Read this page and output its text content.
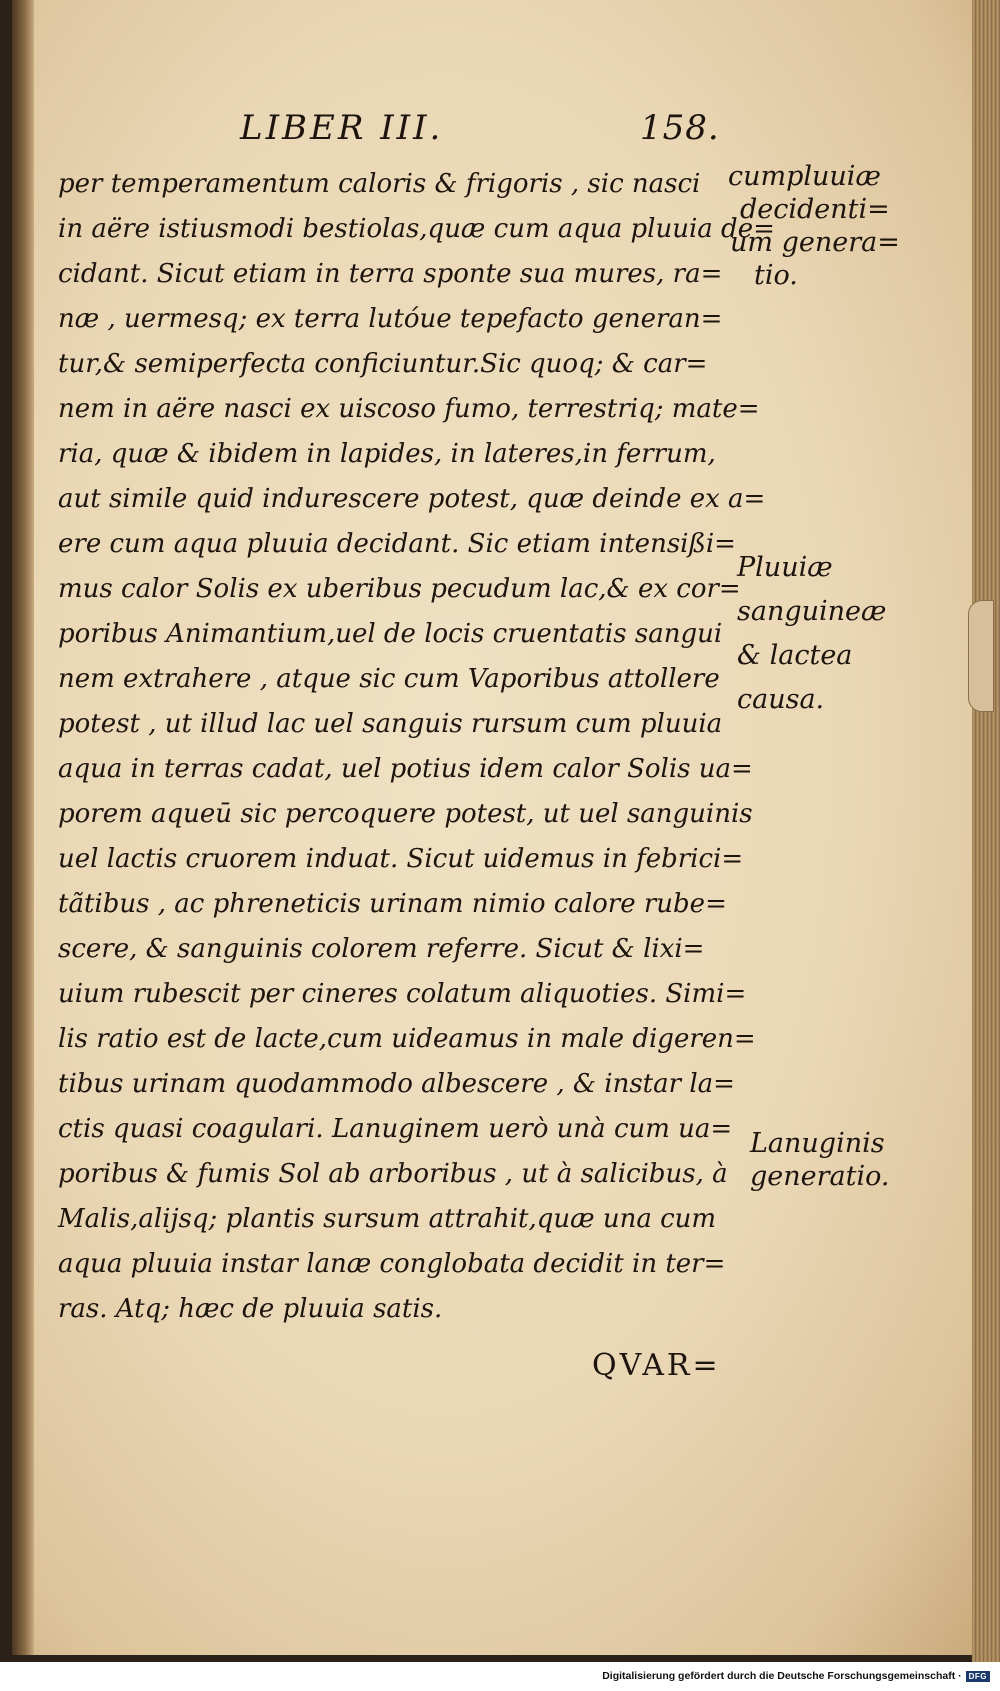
LIBER III.	158.
per temperamentum caloris & frigoris , sic nasci
in aëre istiusmodi bestiolas,quæ cum aqua pluuia de=
cidant. Sicut etiam in terra sponte sua mures, ra=
næ , uermesq; ex terra lutóue tepefacto generan=
tur,& semiperfecta conficiuntur.Sic quoq; & car=
nem in aëre nasci ex uiscoso fumo, terrestriq; mate=
ria, quæ & ibidem in lapides, in lateres,in ferrum,
aut simile quid indurescere potest, quæ deinde ex a=
ere cum aqua pluuia decidant. Sic etiam intensißi=
mus calor Solis ex uberibus pecudum lac,& ex cor=
poribus Animantium,uel de locis cruentatis sangui
nem extrahere , atque sic cum Vaporibus attollere
potest , ut illud lac uel sanguis rursum cum pluuia
aqua in terras cadat, uel potius idem calor Solis ua=
porem aqueū sic percoquere potest, ut uel sanguinis
uel lactis cruorem induat. Sicut uidemus in febrici=
tãtibus , ac phreneticis urinam nimio calore rube=
scere, & sanguinis colorem referre. Sicut & lixi=
uium rubescit per cineres colatum aliquoties. Simi=
lis ratio est de lacte,cum uideamus in male digeren=
tibus urinam quodammodo albescere , & instar la=
ctis quasi coagulari. Lanuginem uerò unà cum ua=
poribus & fumis Sol ab arboribus , ut à salicibus, à
Malis,alijsq; plantis sursum attrahit,quæ una cum
aqua pluuia instar lanæ conglobata decidit in ter=
ras. Atq; hæc de pluuia satis.
cumpluuiæ
decidenti=
um genera=
tio.
Pluuiæ
sanguineæ
& lactea
causa.
Lanuginis
generatio.
QVAR=
Digitalisierung gefördert durch die Deutsche Forschungsgemeinschaft · DFG
